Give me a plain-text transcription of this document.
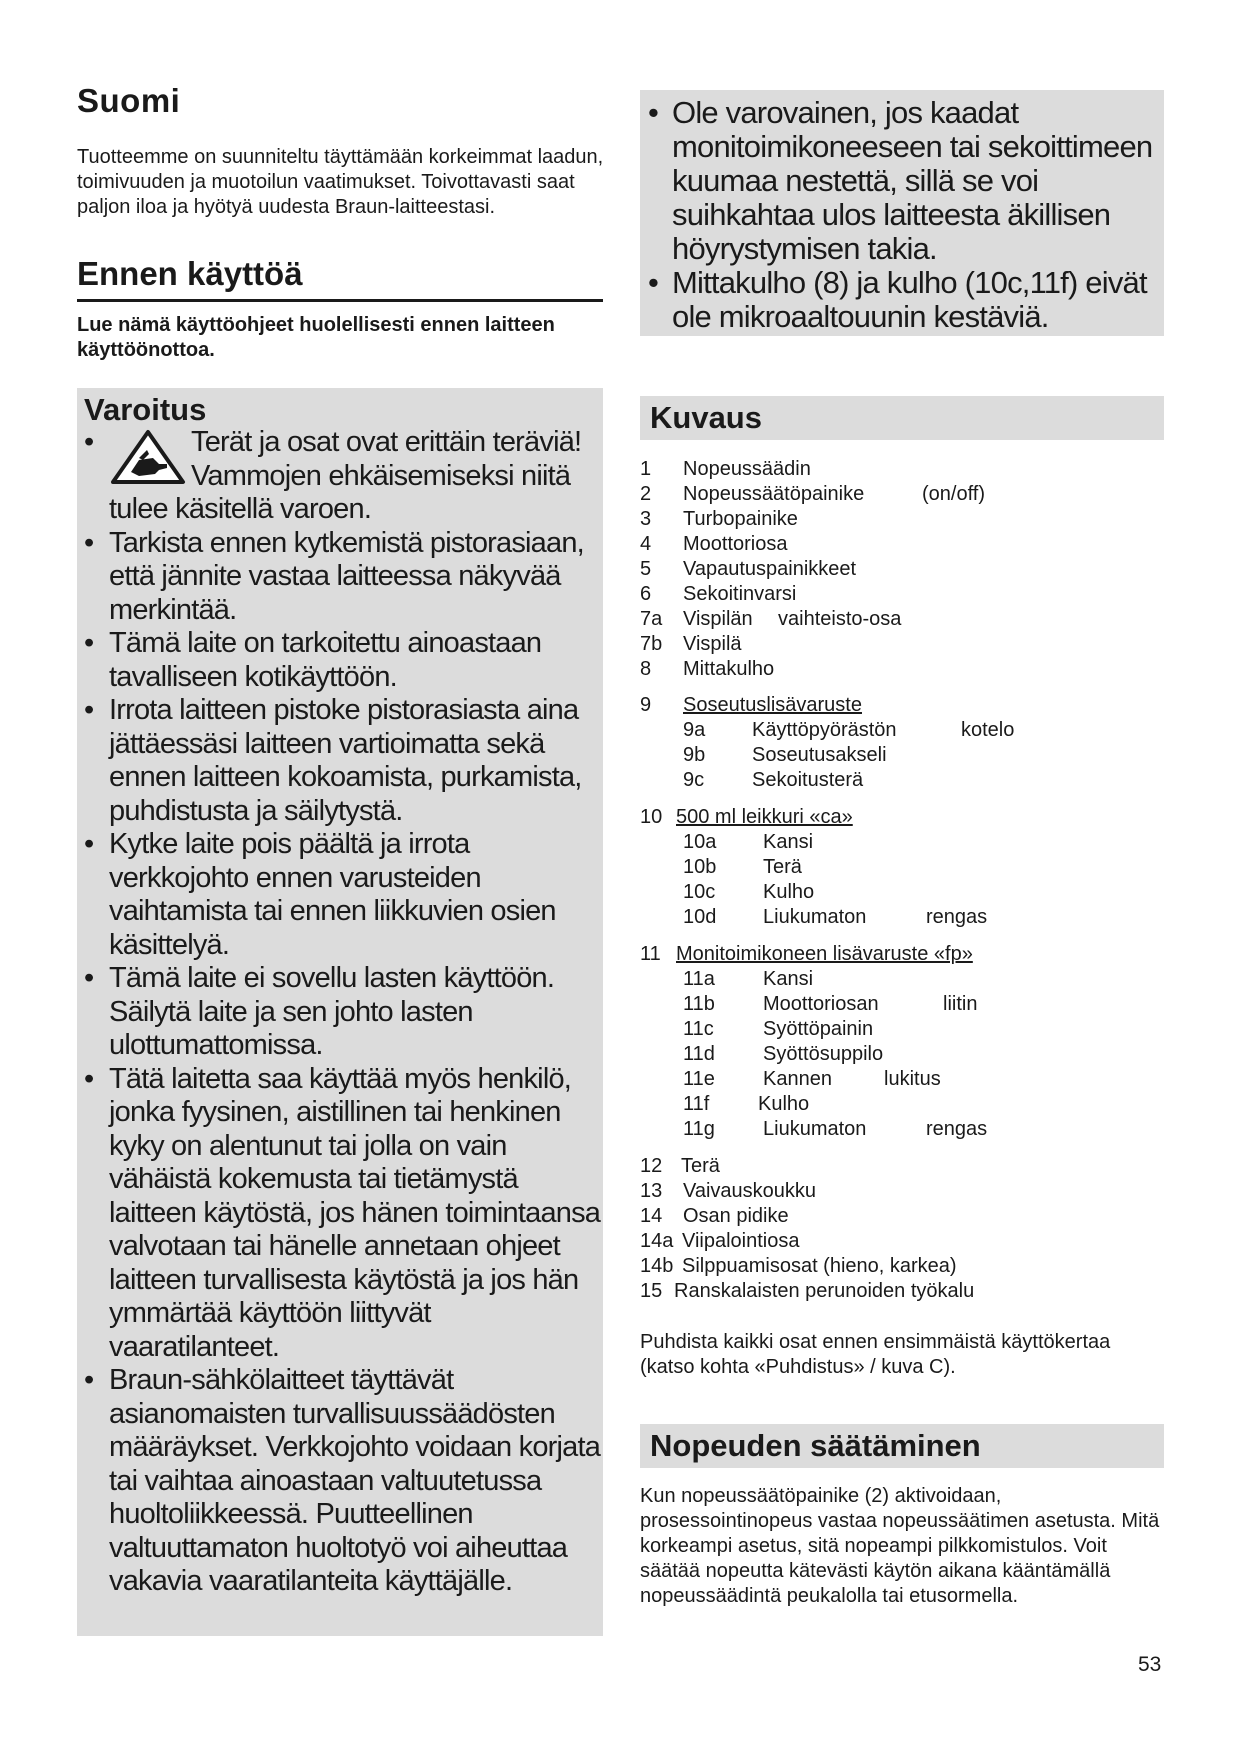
Suomi
Tuotteemme on suunniteltu täyttämään korkeimmat laadun, toimivuuden ja muotoilun vaatimukset. Toivottavasti saat paljon iloa ja hyötyä uudesta Braun-laitteestasi.
Ennen käyttöä
Lue nämä käyttöohjeet huolellisesti ennen laitteen käyttöönottoa.
Varoitus
•	Terät ja osat ovat erittäin teräviä! Vammojen ehkäisemiseksi niitä tulee käsitellä varoen.
• Tarkista ennen kytkemistä pistorasiaan, että jännite vastaa laitteessa näkyvää merkintää.
• Tämä laite on tarkoitettu ainoastaan tavalliseen kotikäyttöön.
• Irrota laitteen pistoke pistorasiasta aina jättäessäsi laitteen vartioimatta sekä ennen laitteen kokoamista, purkamista, puhdistusta ja säilytystä.
• Kytke laite pois päältä ja irrota verkkojohto ennen varusteiden vaihtamista tai ennen liikkuvien osien käsittelyä.
• Tämä laite ei sovellu lasten käyttöön. Säilytä laite ja sen johto lasten ulottumattomissa.
• Tätä laitetta saa käyttää myös henkilö, jonka fyysinen, aistillinen tai henkinen kyky on alentunut tai jolla on vain vähäistä kokemusta tai tietämystä laitteen käytöstä, jos hänen toimintaansa valvotaan tai hänelle annetaan ohjeet laitteen turvallisesta käytöstä ja jos hän ymmärtää käyttöön liittyvät vaaratilanteet.
• Braun-sähkölaitteet täyttävät asianomaisten turvallisuussäädösten määräykset. Verkkojohto voidaan korjata tai vaihtaa ainoastaan valtuutetussa huoltoliikkeessä. Puutteellinen valtuuttamaton huoltotyö voi aiheuttaa vakavia vaaratilanteita käyttäjälle.
• Ole varovainen, jos kaadat monitoimikoneeseen tai sekoittimeen kuumaa nestettä, sillä se voi suihkahtaa ulos laitteesta äkillisen höyrystymisen takia.
• Mittakulho (8) ja kulho (10c,11f) eivät ole mikroaaltouunin kestäviä.
Kuvaus
1 Nopeussäädin
2 Nopeussäätöpainike	(on/off)
3 Turbopainike
4 Moottoriosa
5 Vapautuspainikkeet
6 Sekoitinvarsi
7a Vispilän vaihteisto-osa
7b Vispilä
8 Mittakulho
9 Soseutuslisävaruste
9a Käyttöpyörästön	kotelo
9b Soseutusakseli
9c Sekoitusterä
10 500 ml leikkuri «ca»
10a Kansi
10b Terä
10c Kulho
10d Liukumaton	rengas
11 Monitoimikoneen lisävaruste «fp»
11a Kansi
11b Moottoriosan	liitin
11c Syöttöpainin
11d Syöttösuppilo
11e Kannen	lukitus
11f Kulho
11g Liukumaton	rengas
12 Terä
13 Vaivauskoukku
14 Osan pidike
14a Viipalointiosa
14b Silppuamisosat (hieno, karkea)
15 Ranskalaisten perunoiden työkalu
Puhdista kaikki osat ennen ensimmäistä käyttökertaa (katso kohta «Puhdistus» / kuva C).
Nopeuden säätäminen
Kun nopeussäätöpainike (2) aktivoidaan, prosessointinopeus vastaa nopeussäätimen asetusta. Mitä korkeampi asetus, sitä nopeampi pilkkomistulos. Voit säätää nopeutta kätevästi käytön aikana kääntämällä nopeussäädintä peukalolla tai etusormella.
53
